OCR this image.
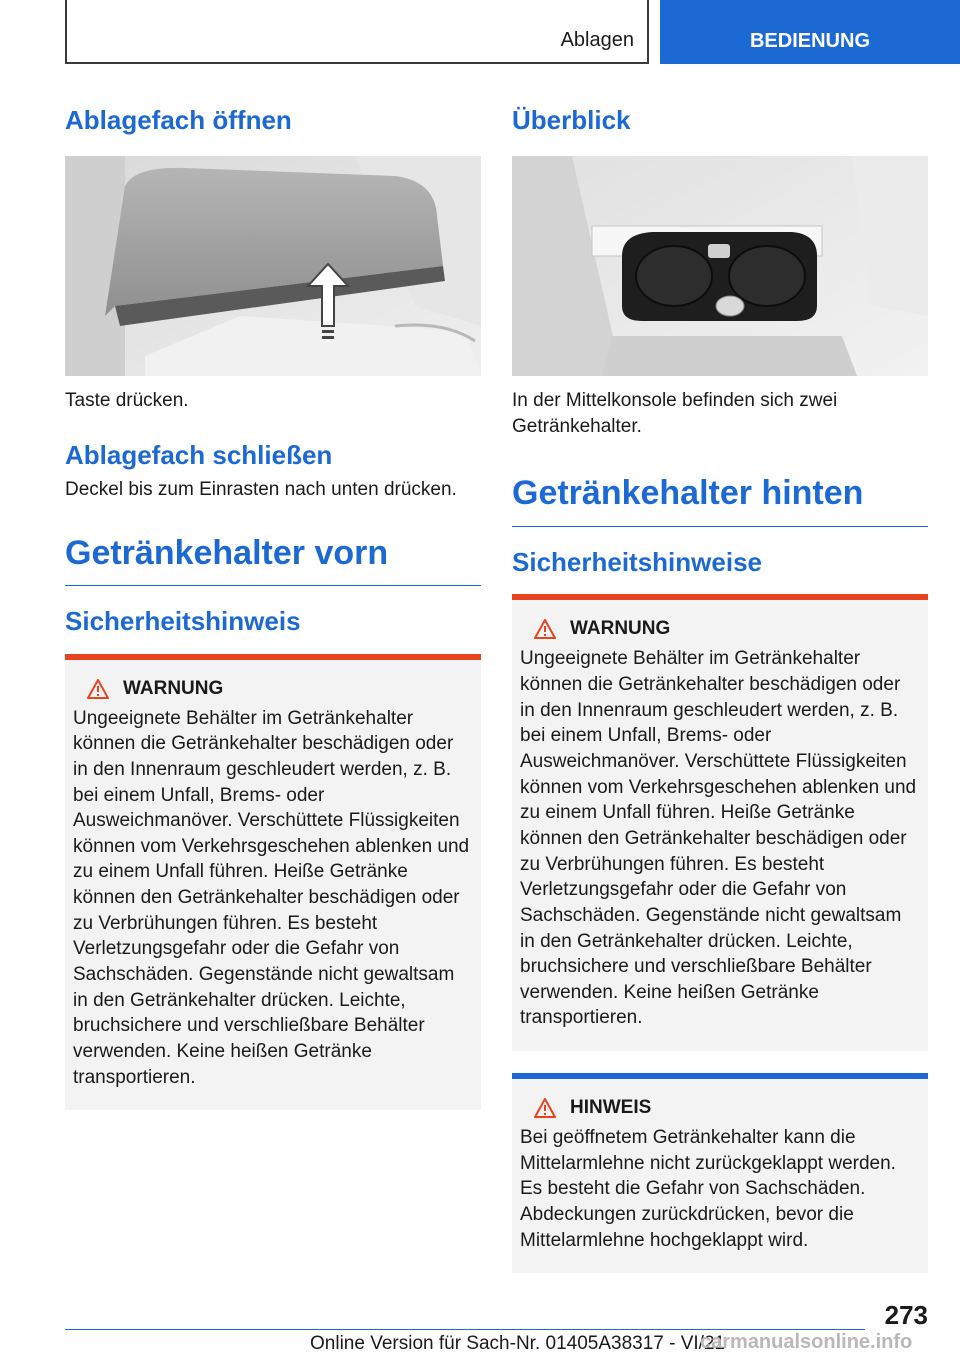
Ablagen	BEDIENUNG
Ablagefach öffnen

Taste drücken.

Ablagefach schließen

Deckel bis zum Einrasten nach unten drücken.

Getränkehalter vorn
Sicherheitshinweis
WARNUNG

Ungeeignete Behälter im Getränkehalter können die Getränkehalter beschädigen oder in den Innenraum geschleudert werden, z. B. bei einem Unfall, Brems- oder Ausweichmanöver. Verschüttete Flüssigkeiten können vom Verkehrsgeschehen ablenken und zu einem Unfall führen. Heiße Getränke können den Getränkehalter beschädigen oder zu Verbrühungen führen. Es besteht Verletzungsgefahr oder die Gefahr von Sachschäden. Gegenstände nicht gewaltsam in den Getränkehalter drücken. Leichte, bruchsichere und verschließbare Behälter verwenden. Keine heißen Getränke transportieren.

Überblick

In der Mittelkonsole befinden sich zwei Getränkehalter.

Getränkehalter hinten
Sicherheitshinweise
WARNUNG

Ungeeignete Behälter im Getränkehalter können die Getränkehalter beschädigen oder in den Innenraum geschleudert werden, z. B. bei einem Unfall, Brems- oder Ausweichmanöver. Verschüttete Flüssigkeiten können vom Verkehrsgeschehen ablenken und zu einem Unfall führen. Heiße Getränke können den Getränkehalter beschädigen oder zu Verbrühungen führen. Es besteht Verletzungsgefahr oder die Gefahr von Sachschäden. Gegenstände nicht gewaltsam in den Getränkehalter drücken. Leichte, bruchsichere und verschließbare Behälter verwenden. Keine heißen Getränke transportieren.

HINWEIS

Bei geöffnetem Getränkehalter kann die Mittelarmlehne nicht zurückgeklappt werden. Es besteht die Gefahr von Sachschäden. Abdeckungen zurückdrücken, bevor die Mittelarmlehne hochgeklappt wird.

273
Online Version für Sach-Nr. 01405A38317 - VI/21
carmanualsonline.info
